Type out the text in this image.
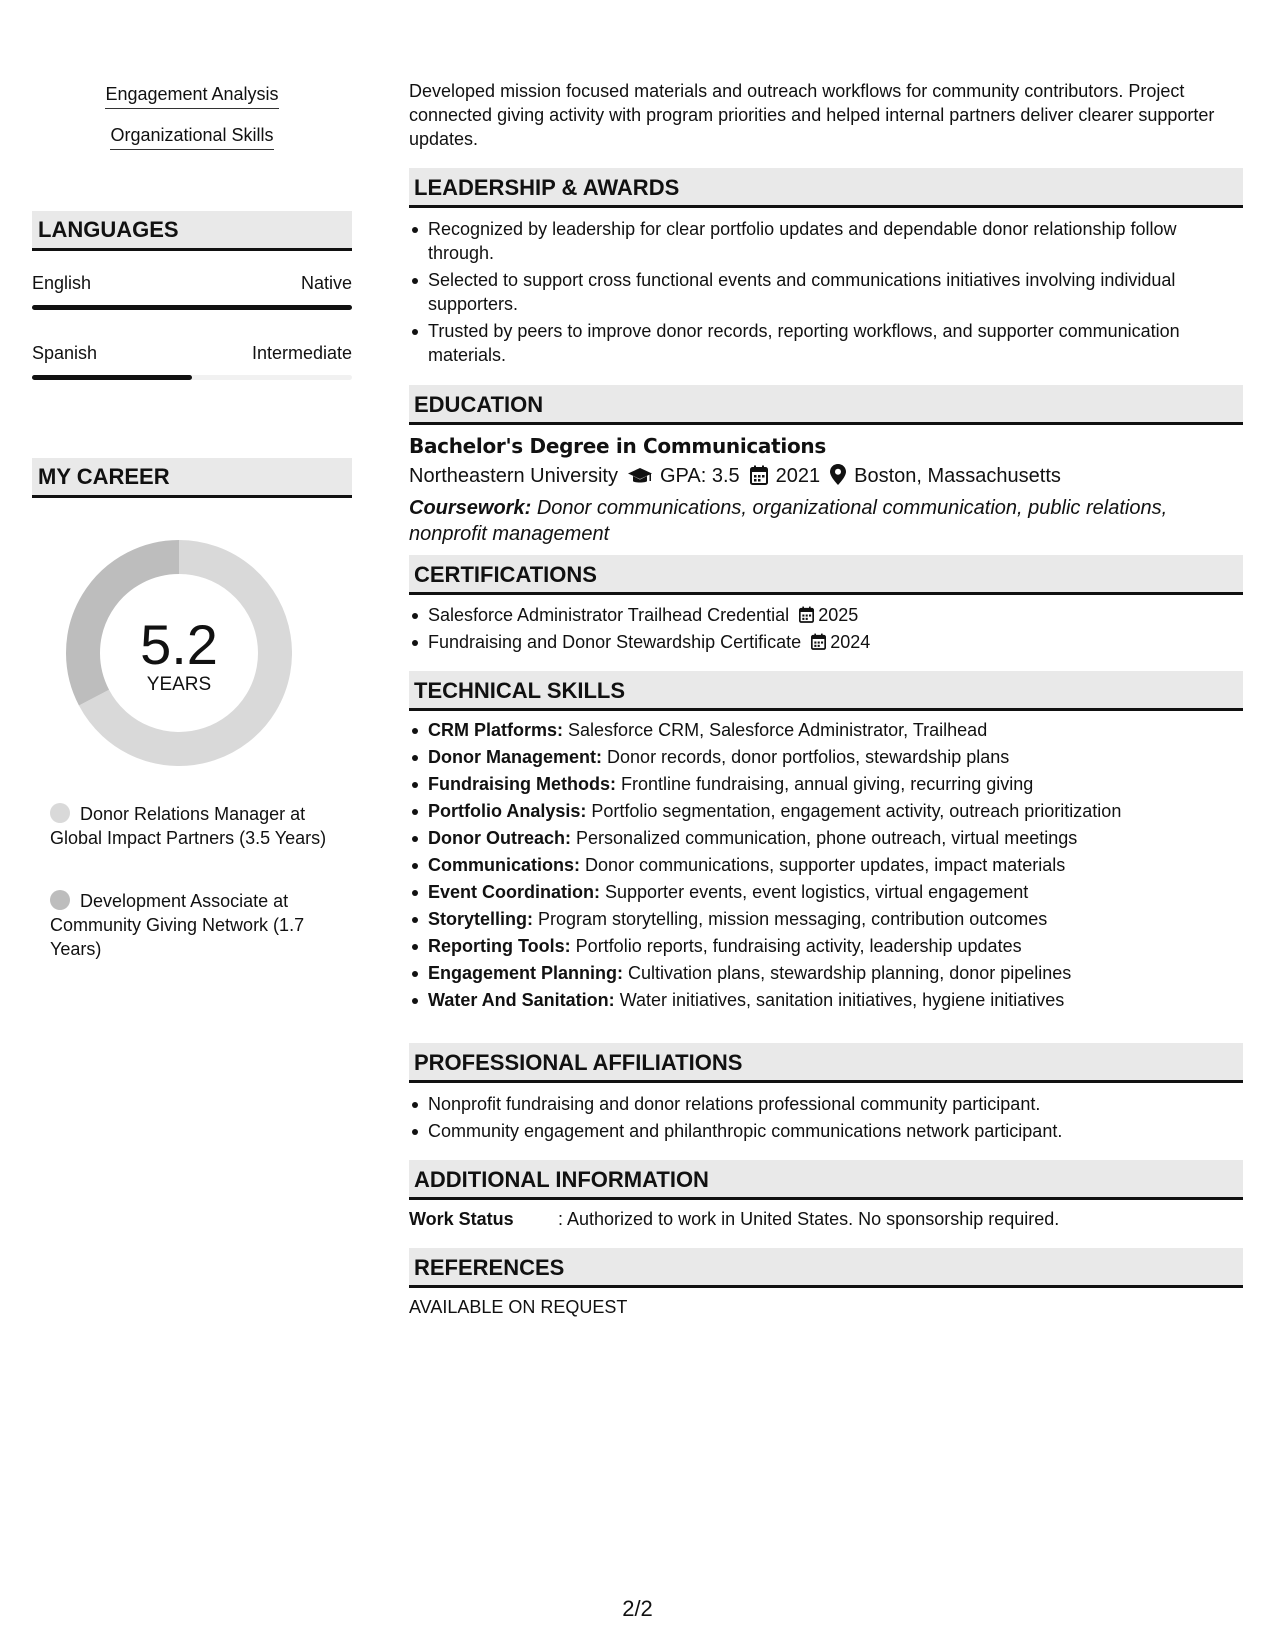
Engagement Analysis
Organizational Skills
LANGUAGES
English	Native
Spanish	Intermediate
MY CAREER
5.2
YEARS
Donor Relations Manager at Global Impact Partners (3.5 Years)
Development Associate at Community Giving Network (1.7 Years)
Developed mission focused materials and outreach workflows for community contributors. Project connected giving activity with program priorities and helped internal partners deliver clearer supporter updates.
LEADERSHIP & AWARDS
Recognized by leadership for clear portfolio updates and dependable donor relationship follow through.
Selected to support cross functional events and communications initiatives involving individual supporters.
Trusted by peers to improve donor records, reporting workflows, and supporter communication materials.
EDUCATION
Bachelor's Degree in Communications
Northeastern University GPA: 3.5 2021 Boston, Massachusetts
Coursework: Donor communications, organizational communication, public relations, nonprofit management
CERTIFICATIONS
Salesforce Administrator Trailhead Credential 2025
Fundraising and Donor Stewardship Certificate 2024
TECHNICAL SKILLS
CRM Platforms: Salesforce CRM, Salesforce Administrator, Trailhead
Donor Management: Donor records, donor portfolios, stewardship plans
Fundraising Methods: Frontline fundraising, annual giving, recurring giving
Portfolio Analysis: Portfolio segmentation, engagement activity, outreach prioritization
Donor Outreach: Personalized communication, phone outreach, virtual meetings
Communications: Donor communications, supporter updates, impact materials
Event Coordination: Supporter events, event logistics, virtual engagement
Storytelling: Program storytelling, mission messaging, contribution outcomes
Reporting Tools: Portfolio reports, fundraising activity, leadership updates
Engagement Planning: Cultivation plans, stewardship planning, donor pipelines
Water And Sanitation: Water initiatives, sanitation initiatives, hygiene initiatives
PROFESSIONAL AFFILIATIONS
Nonprofit fundraising and donor relations professional community participant.
Community engagement and philanthropic communications network participant.
ADDITIONAL INFORMATION
Work Status : Authorized to work in United States. No sponsorship required.
REFERENCES
AVAILABLE ON REQUEST
2/2
